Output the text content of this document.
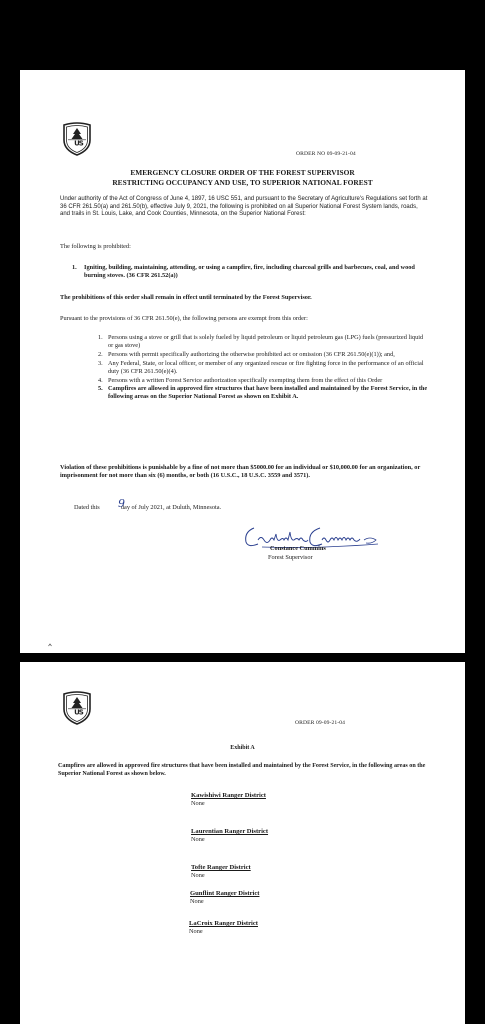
U
S
ORDER NO 09-09-21-04
EMERGENCY CLOSURE ORDER OF THE FOREST SUPERVISOR
RESTRICTING OCCUPANCY AND USE, TO SUPERIOR NATIONAL FOREST
Under authority of the Act of Congress of June 4, 1897, 16 USC 551, and pursuant to the Secretary of Agriculture's Regulations set forth at 36 CFR 261.50(a) and 261.50(b), effective July 9, 2021, the following is prohibited on all Superior National Forest System lands, roads, and trails in St. Louis, Lake, and Cook Counties, Minnesota, on the Superior National Forest:
The following is prohibited:
1.	Igniting, building, maintaining, attending, or using a campfire, fire, including charcoal grills and barbecues, coal, and wood burning stoves. (36 CFR 261.52(a))
The prohibitions of this order shall remain in effect until terminated by the Forest Supervisor.
Pursuant to the provisions of 36 CFR 261.50(e), the following persons are exempt from this order:
1. Persons using a stove or grill that is solely fueled by liquid petroleum or liquid petroleum gas (LPG) fuels (pressurized liquid or gas stove)
2. Persons with permit specifically authorizing the otherwise prohibited act or omission (36 CFR 261.50(e)(1)); and,
3. Any Federal, State, or local officer, or member of any organized rescue or fire fighting force in the performance of an official duty (36 CFR 261.50(e)(4).
4. Persons with a written Forest Service authorization specifically exempting them from the effect of this Order
5. Campfires are allowed in approved fire structures that have been installed and maintained by the Forest Service, in the following areas on the Superior National Forest as shown on Exhibit A.
Violation of these prohibitions is punishable by a fine of not more than $5000.00 for an individual or $10,000.00 for an organization, or imprisonment for not more than six (6) months, or both (16 U.S.C., 18 U.S.C. 3559 and 3571).
Dated this	day of July 2021, at Duluth, Minnesota.
9
Constance Cummins
Forest Supervisor
U
S
ORDER 09-09-21-04
Exhibit A
Campfires are allowed in approved fire structures that have been installed and maintained by the Forest Service, in the following areas on the Superior National Forest as shown below.
Kawishiwi Ranger District
None
Laurentian Ranger District
None
Tofte Ranger District
None
Gunflint Ranger District
None
LaCroix Ranger District
None
